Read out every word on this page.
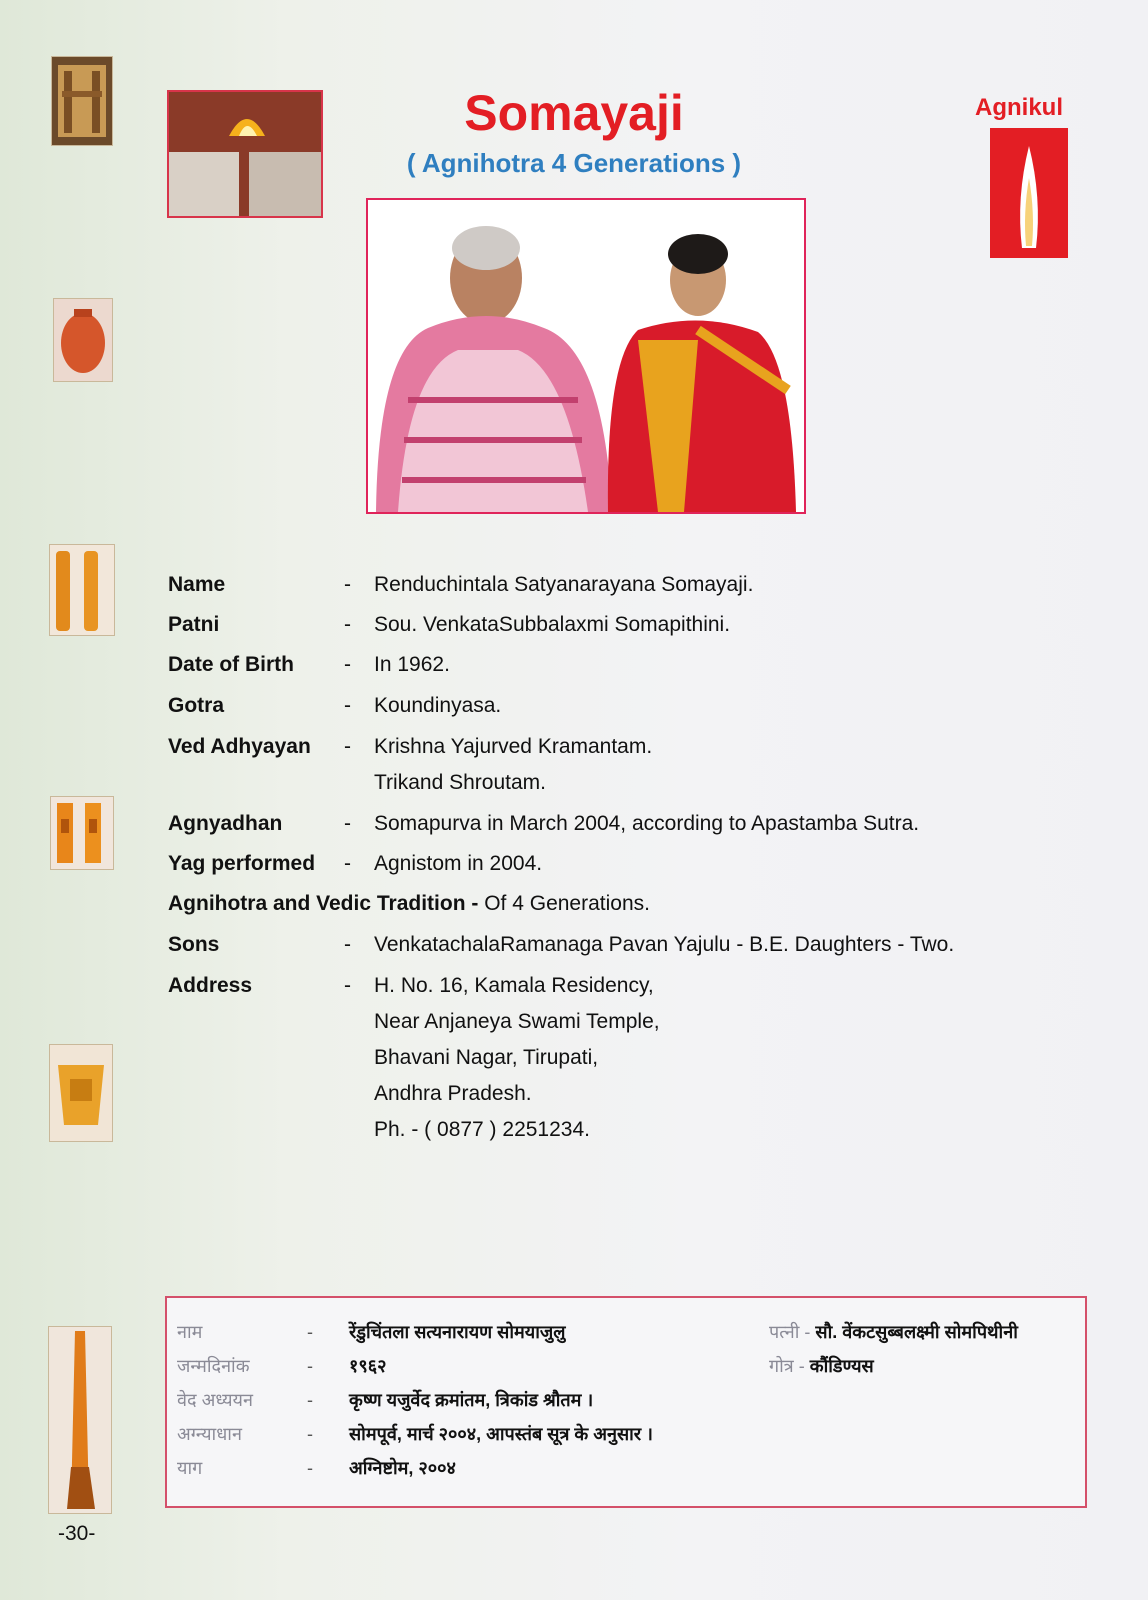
Somayaji
( Agnihotra 4 Generations )
Agnikul
Name	- Renduchintala Satyanarayana Somayaji.
Patni	- Sou. VenkataSubbalaxmi Somapithini.
Date of Birth - In 1962.
Gotra	- Koundinyasa.
Ved Adhyayan - Krishna Yajurved Kramantam.
Trikand Shroutam.
Agnyadhan	- Somapurva in March 2004, according to Apastamba Sutra.
Yag performed - Agnistom in 2004.
Agnihotra and Vedic Tradition - Of 4 Generations.
Sons	- VenkatachalaRamanaga Pavan Yajulu - B.E. Daughters - Two.
Address	- H. No. 16, Kamala Residency,
Near Anjaneya Swami Temple,
Bhavani Nagar, Tirupati,
Andhra Pradesh.
Ph. - ( 0877 ) 2251234.
नाम	- रेंडुचिंतला सत्यनारायण सोमयाजुलु	पत्नी - सौ. वेंकटसुब्बलक्ष्मी सोमपिथीनी
जन्मदिनांक	- १९६२	गोत्र - कौंडिण्यस
वेद अध्ययन	- कृष्ण यजुर्वेद क्रमांतम, त्रिकांड श्रौतम ।
अग्न्याधान	- सोमपूर्व, मार्च २००४, आपस्तंब सूत्र के अनुसार ।
याग	- अग्निष्टोम, २००४
-30-
